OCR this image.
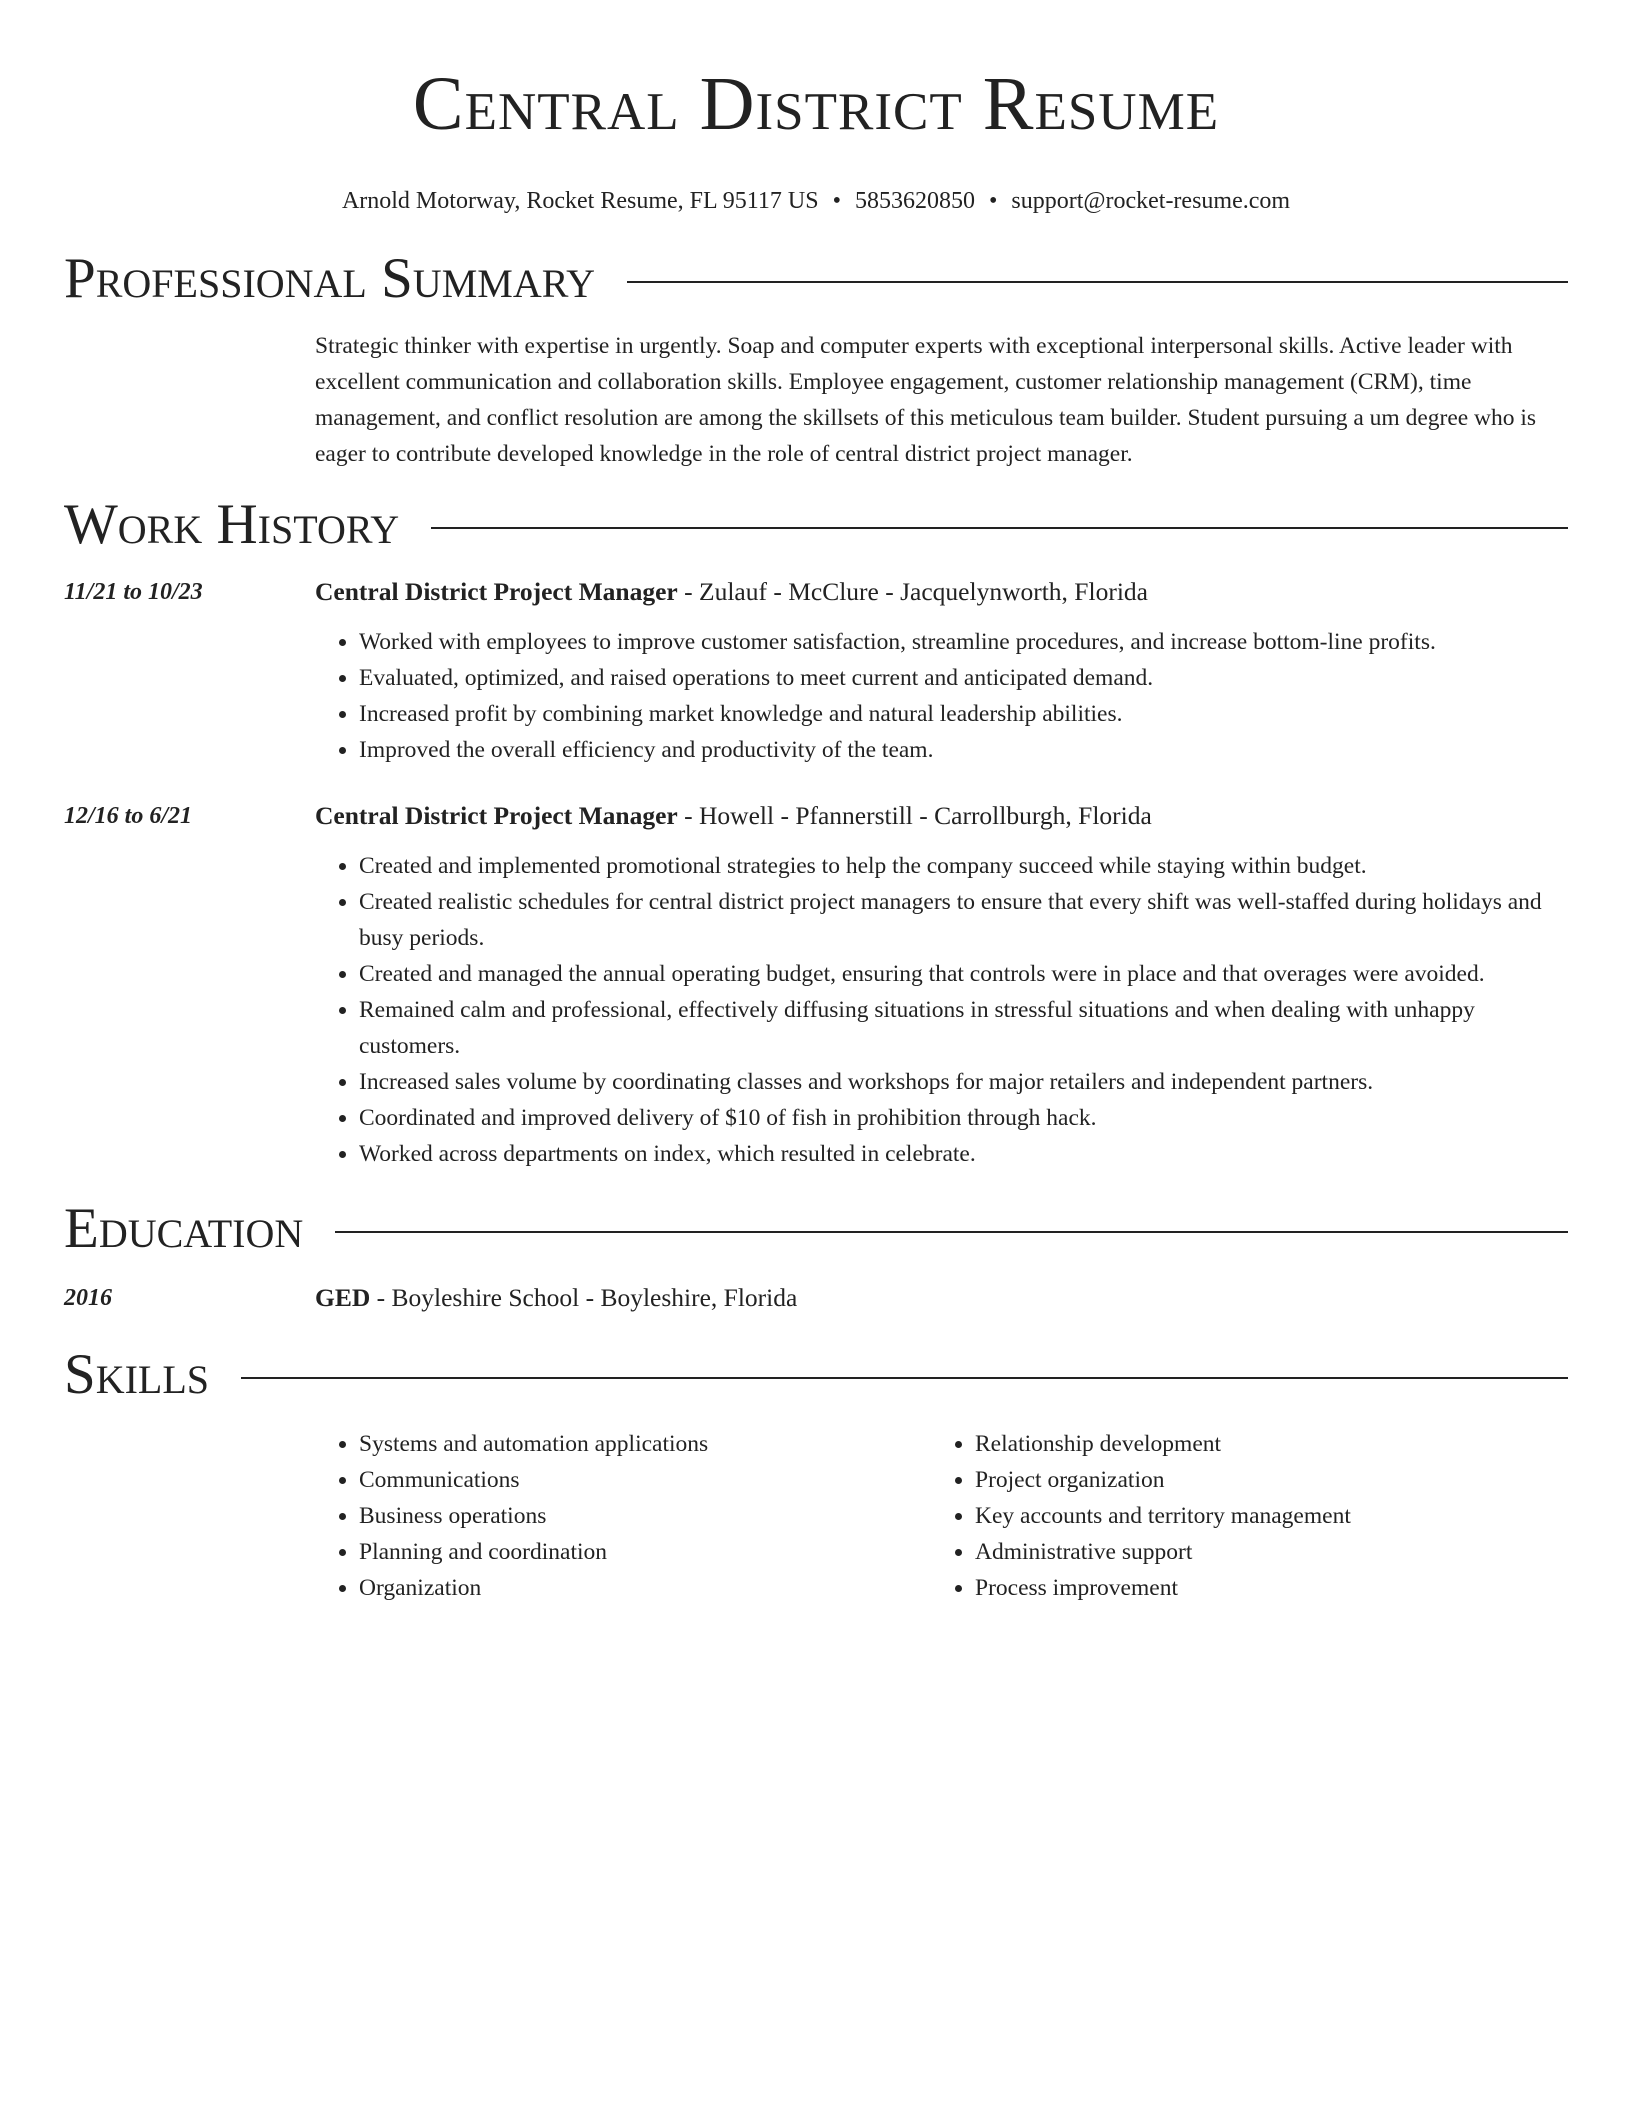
Central District Resume
Arnold Motorway, Rocket Resume, FL 95117 US • 5853620850 • support@rocket-resume.com
Professional Summary
Strategic thinker with expertise in urgently. Soap and computer experts with exceptional interpersonal skills. Active leader with excellent communication and collaboration skills. Employee engagement, customer relationship management (CRM), time management, and conflict resolution are among the skillsets of this meticulous team builder. Student pursuing a um degree who is eager to contribute developed knowledge in the role of central district project manager.
Work History
11/21 to 10/23	Central District Project Manager - Zulauf - McClure - Jacquelynworth, Florida
• Worked with employees to improve customer satisfaction, streamline procedures, and increase bottom-line profits.
• Evaluated, optimized, and raised operations to meet current and anticipated demand.
• Increased profit by combining market knowledge and natural leadership abilities.
• Improved the overall efficiency and productivity of the team.
12/16 to 6/21	Central District Project Manager - Howell - Pfannerstill - Carrollburgh, Florida
• Created and implemented promotional strategies to help the company succeed while staying within budget.
• Created realistic schedules for central district project managers to ensure that every shift was well-staffed during holidays and busy periods.
• Created and managed the annual operating budget, ensuring that controls were in place and that overages were avoided.
• Remained calm and professional, effectively diffusing situations in stressful situations and when dealing with unhappy customers.
• Increased sales volume by coordinating classes and workshops for major retailers and independent partners.
• Coordinated and improved delivery of $10 of fish in prohibition through hack.
• Worked across departments on index, which resulted in celebrate.
Education
2016	GED - Boyleshire School - Boyleshire, Florida
Skills
• Systems and automation applications
• Communications
• Business operations
• Planning and coordination
• Organization
• Relationship development
• Project organization
• Key accounts and territory management
• Administrative support
• Process improvement
